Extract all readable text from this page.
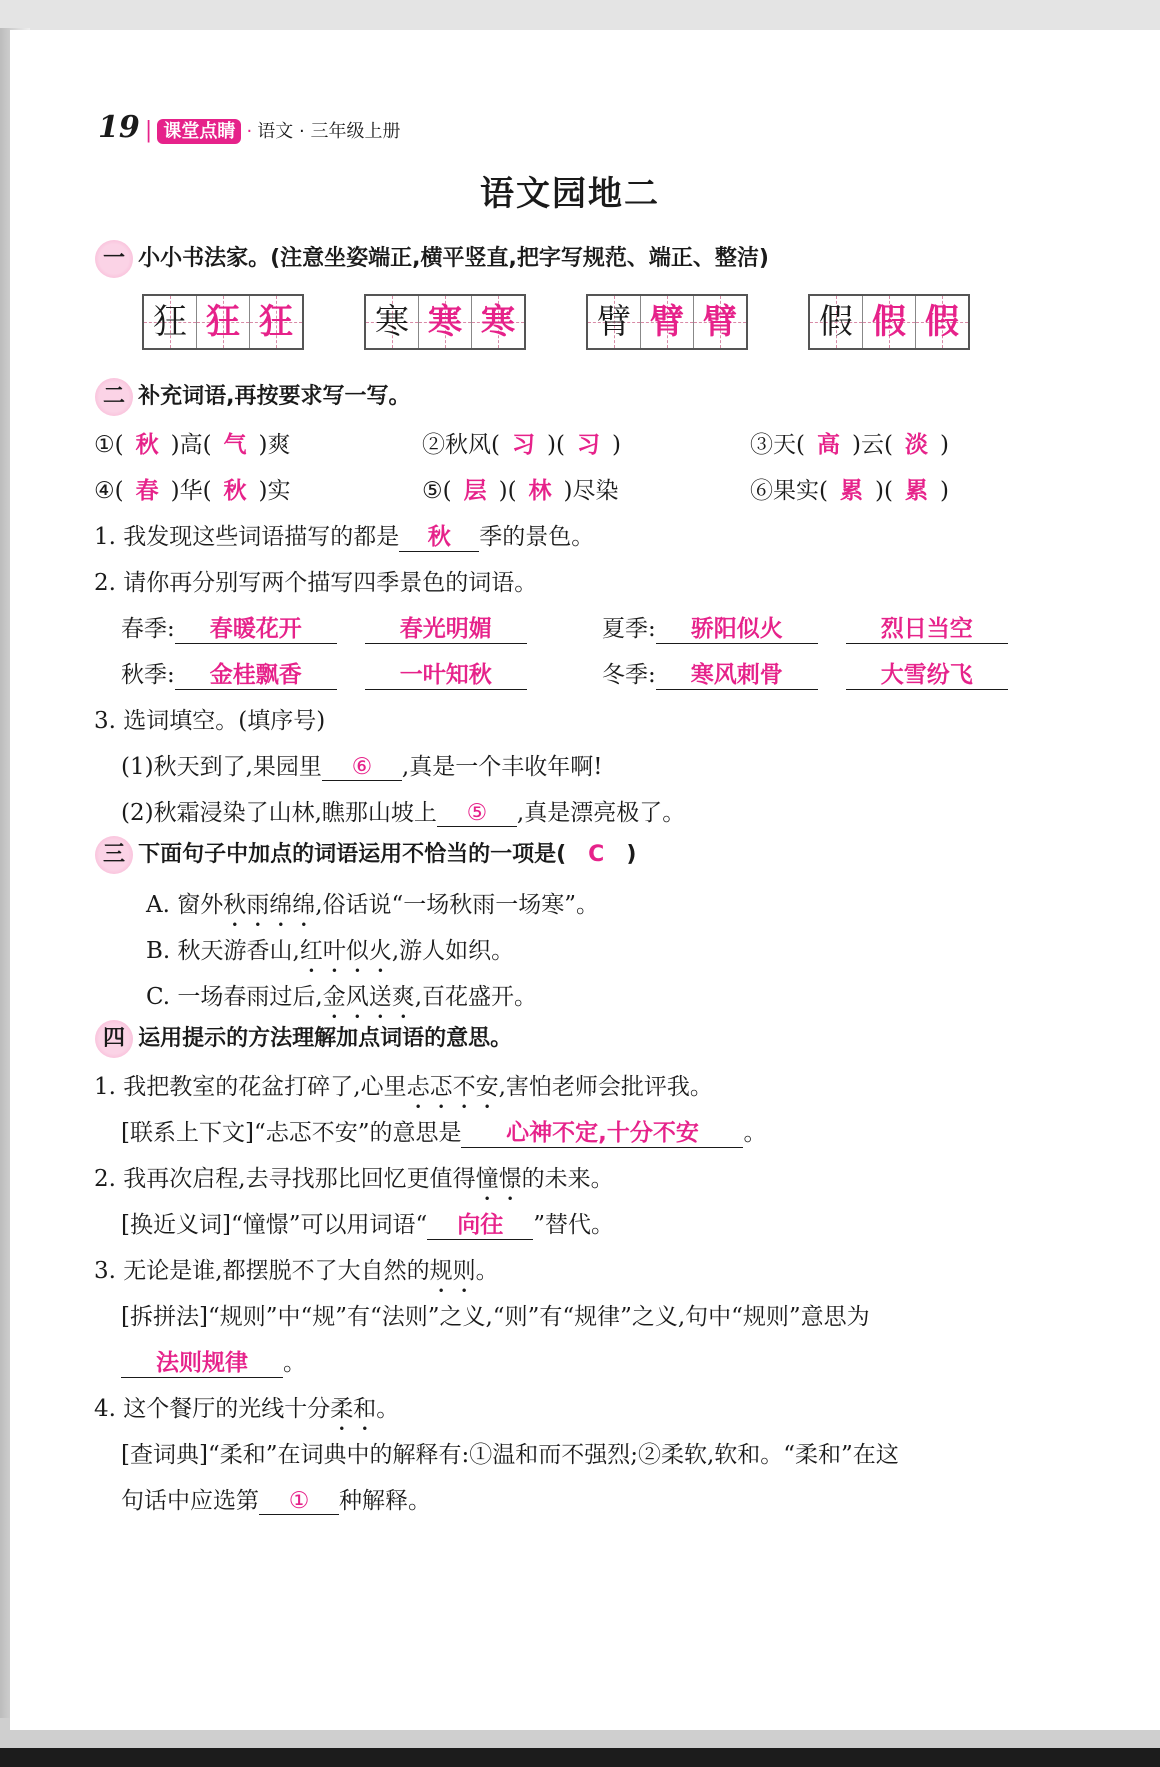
19 | 课堂点睛 · 语文 · 三年级上册
语文园地二
一 小小书法家。(注意坐姿端正,横平竖直,把字写规范、端正、整洁)
狂 狂 狂 寒 寒 寒 臂 臂 臂 假 假 假
二 补充词语,再按要求写一写。
①( 秋 )高( 气 )爽	②秋风( 习 )( 习 )	③天( 高 )云( 淡 )
④( 春 )华( 秋 )实	⑤( 层 )( 林 )尽染	⑥果实( 累 )( 累 )
1. 我发现这些词语描写的都是 秋 季的景色。
2. 请你再分别写两个描写四季景色的词语。
春季: 春暖花开	春光明媚	夏季: 骄阳似火	烈日当空
秋季: 金桂飘香	一叶知秋	冬季: 寒风刺骨	大雪纷飞
3. 选词填空。(填序号)
(1)秋天到了,果园里 ⑥ ,真是一个丰收年啊!
(2)秋霜浸染了山林,瞧那山坡上 ⑤ ,真是漂亮极了。
三 下面句子中加点的词语运用不恰当的一项是( C )
A. 窗外秋雨绵绵,俗话说“一场秋雨一场寒”。
B. 秋天游香山,红叶似火,游人如织。
C. 一场春雨过后,金风送爽,百花盛开。
四 运用提示的方法理解加点词语的意思。
1. 我把教室的花盆打碎了,心里忐忑不安,害怕老师会批评我。
[联系上下文]“忐忑不安”的意思是 心神不定,十分不安 。
2. 我再次启程,去寻找那比回忆更值得憧憬的未来。
[换近义词]“憧憬”可以用词语“ 向往 ”替代。
3. 无论是谁,都摆脱不了大自然的规则。
[拆拼法]“规则”中“规”有“法则”之义,“则”有“规律”之义,句中“规则”意思为
法则规律 。
4. 这个餐厅的光线十分柔和。
[查词典]“柔和”在词典中的解释有:①温和而不强烈;②柔软,软和。“柔和”在这
句话中应选第 ① 种解释。
